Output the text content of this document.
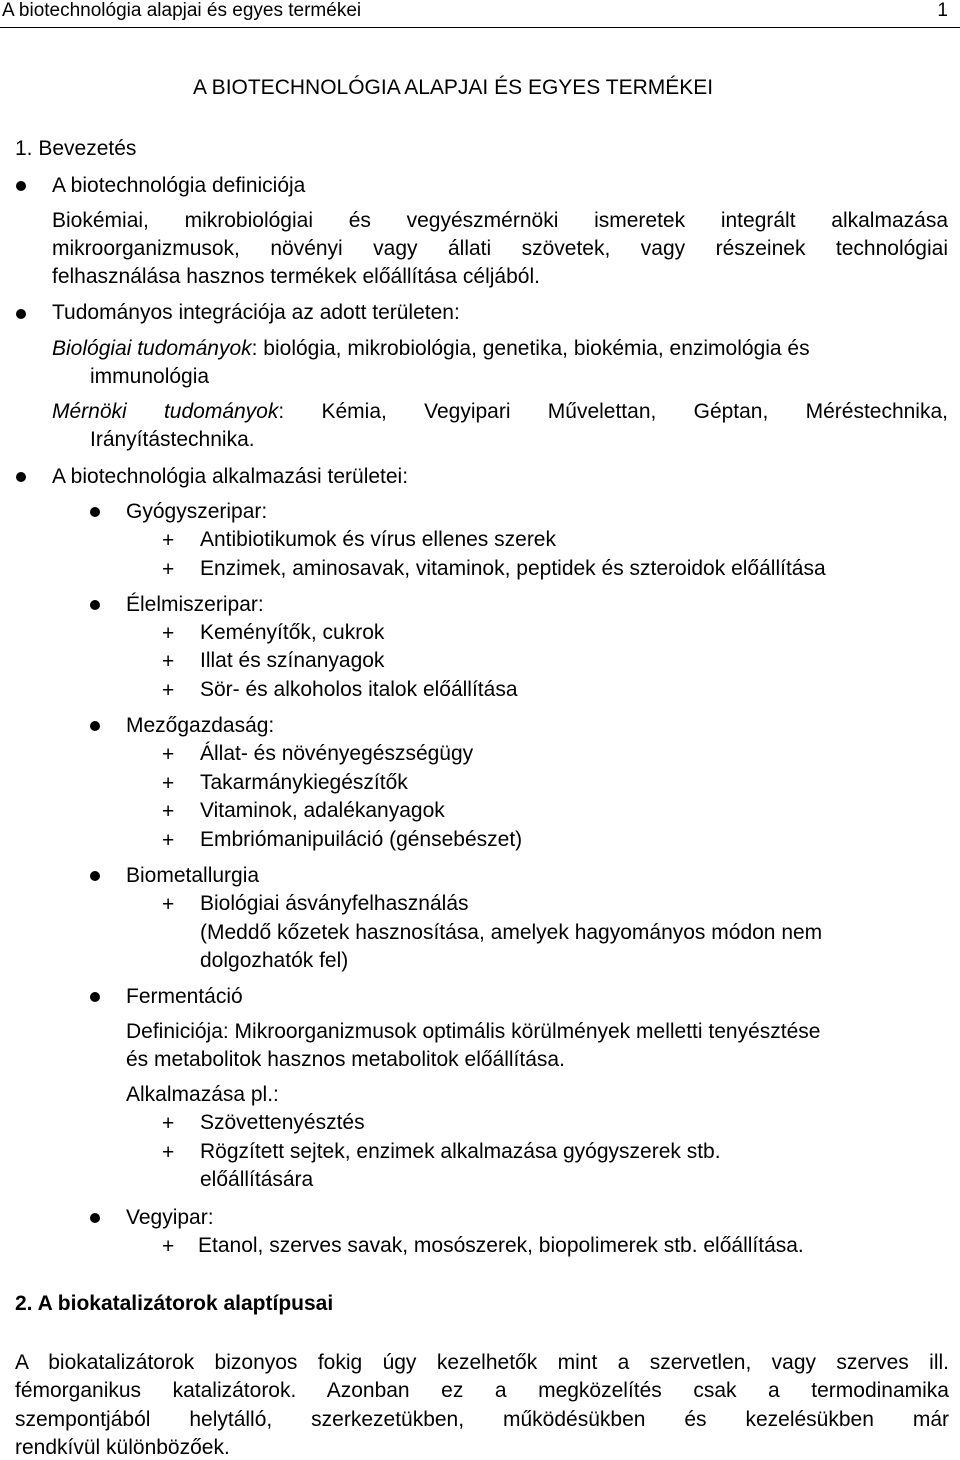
A biotechnológia alapjai és egyes termékei	1
A BIOTECHNOLÓGIA ALAPJAI ÉS EGYES TERMÉKEI
1. Bevezetés
A biotechnológia definiciója
Biokémiai, mikrobiológiai és vegyészmérnöki ismeretek integrált alkalmazása
mikroorganizmusok, növényi vagy állati szövetek, vagy részeinek technológiai
felhasználása hasznos termékek előállítása céljából.
Tudományos integrációja az adott területen:
Biológiai tudományok: biológia, mikrobiológia, genetika, biokémia, enzimológia és
immunológia
Mérnöki tudományok: Kémia, Vegyipari Művelettan, Géptan, Méréstechnika,
Irányítástechnika.
A biotechnológia alkalmazási területei:
Gyógyszeripar:
+ Antibiotikumok és vírus ellenes szerek
+ Enzimek, aminosavak, vitaminok, peptidek és szteroidok előállítása
Élelmiszeripar:
+ Keményítők, cukrok
+ Illat és színanyagok
+ Sör- és alkoholos italok előállítása
Mezőgazdaság:
+ Állat- és növényegészségügy
+ Takarmánykiegészítők
+ Vitaminok, adalékanyagok
+ Embriómanipuiláció (génsebészet)
Biometallurgia
+ Biológiai ásványfelhasználás
(Meddő kőzetek hasznosítása, amelyek hagyományos módon nem
dolgozhatók fel)
Fermentáció
Definiciója: Mikroorganizmusok optimális körülmények melletti tenyésztése
és metabolitok hasznos metabolitok előállítása.
Alkalmazása pl.:
+ Szövettenyésztés
+ Rögzített sejtek, enzimek alkalmazása gyógyszerek stb.
előállítására
Vegyipar:
+ Etanol, szerves savak, mosószerek, biopolimerek stb. előállítása.
2. A biokatalizátorok alaptípusai
A biokatalizátorok bizonyos fokig úgy kezelhetők mint a szervetlen, vagy szerves ill.
fémorganikus katalizátorok. Azonban ez a megközelítés csak a termodinamika
szempontjából helytálló, szerkezetükben, működésükben és kezelésükben már
rendkívül különbözőek.
